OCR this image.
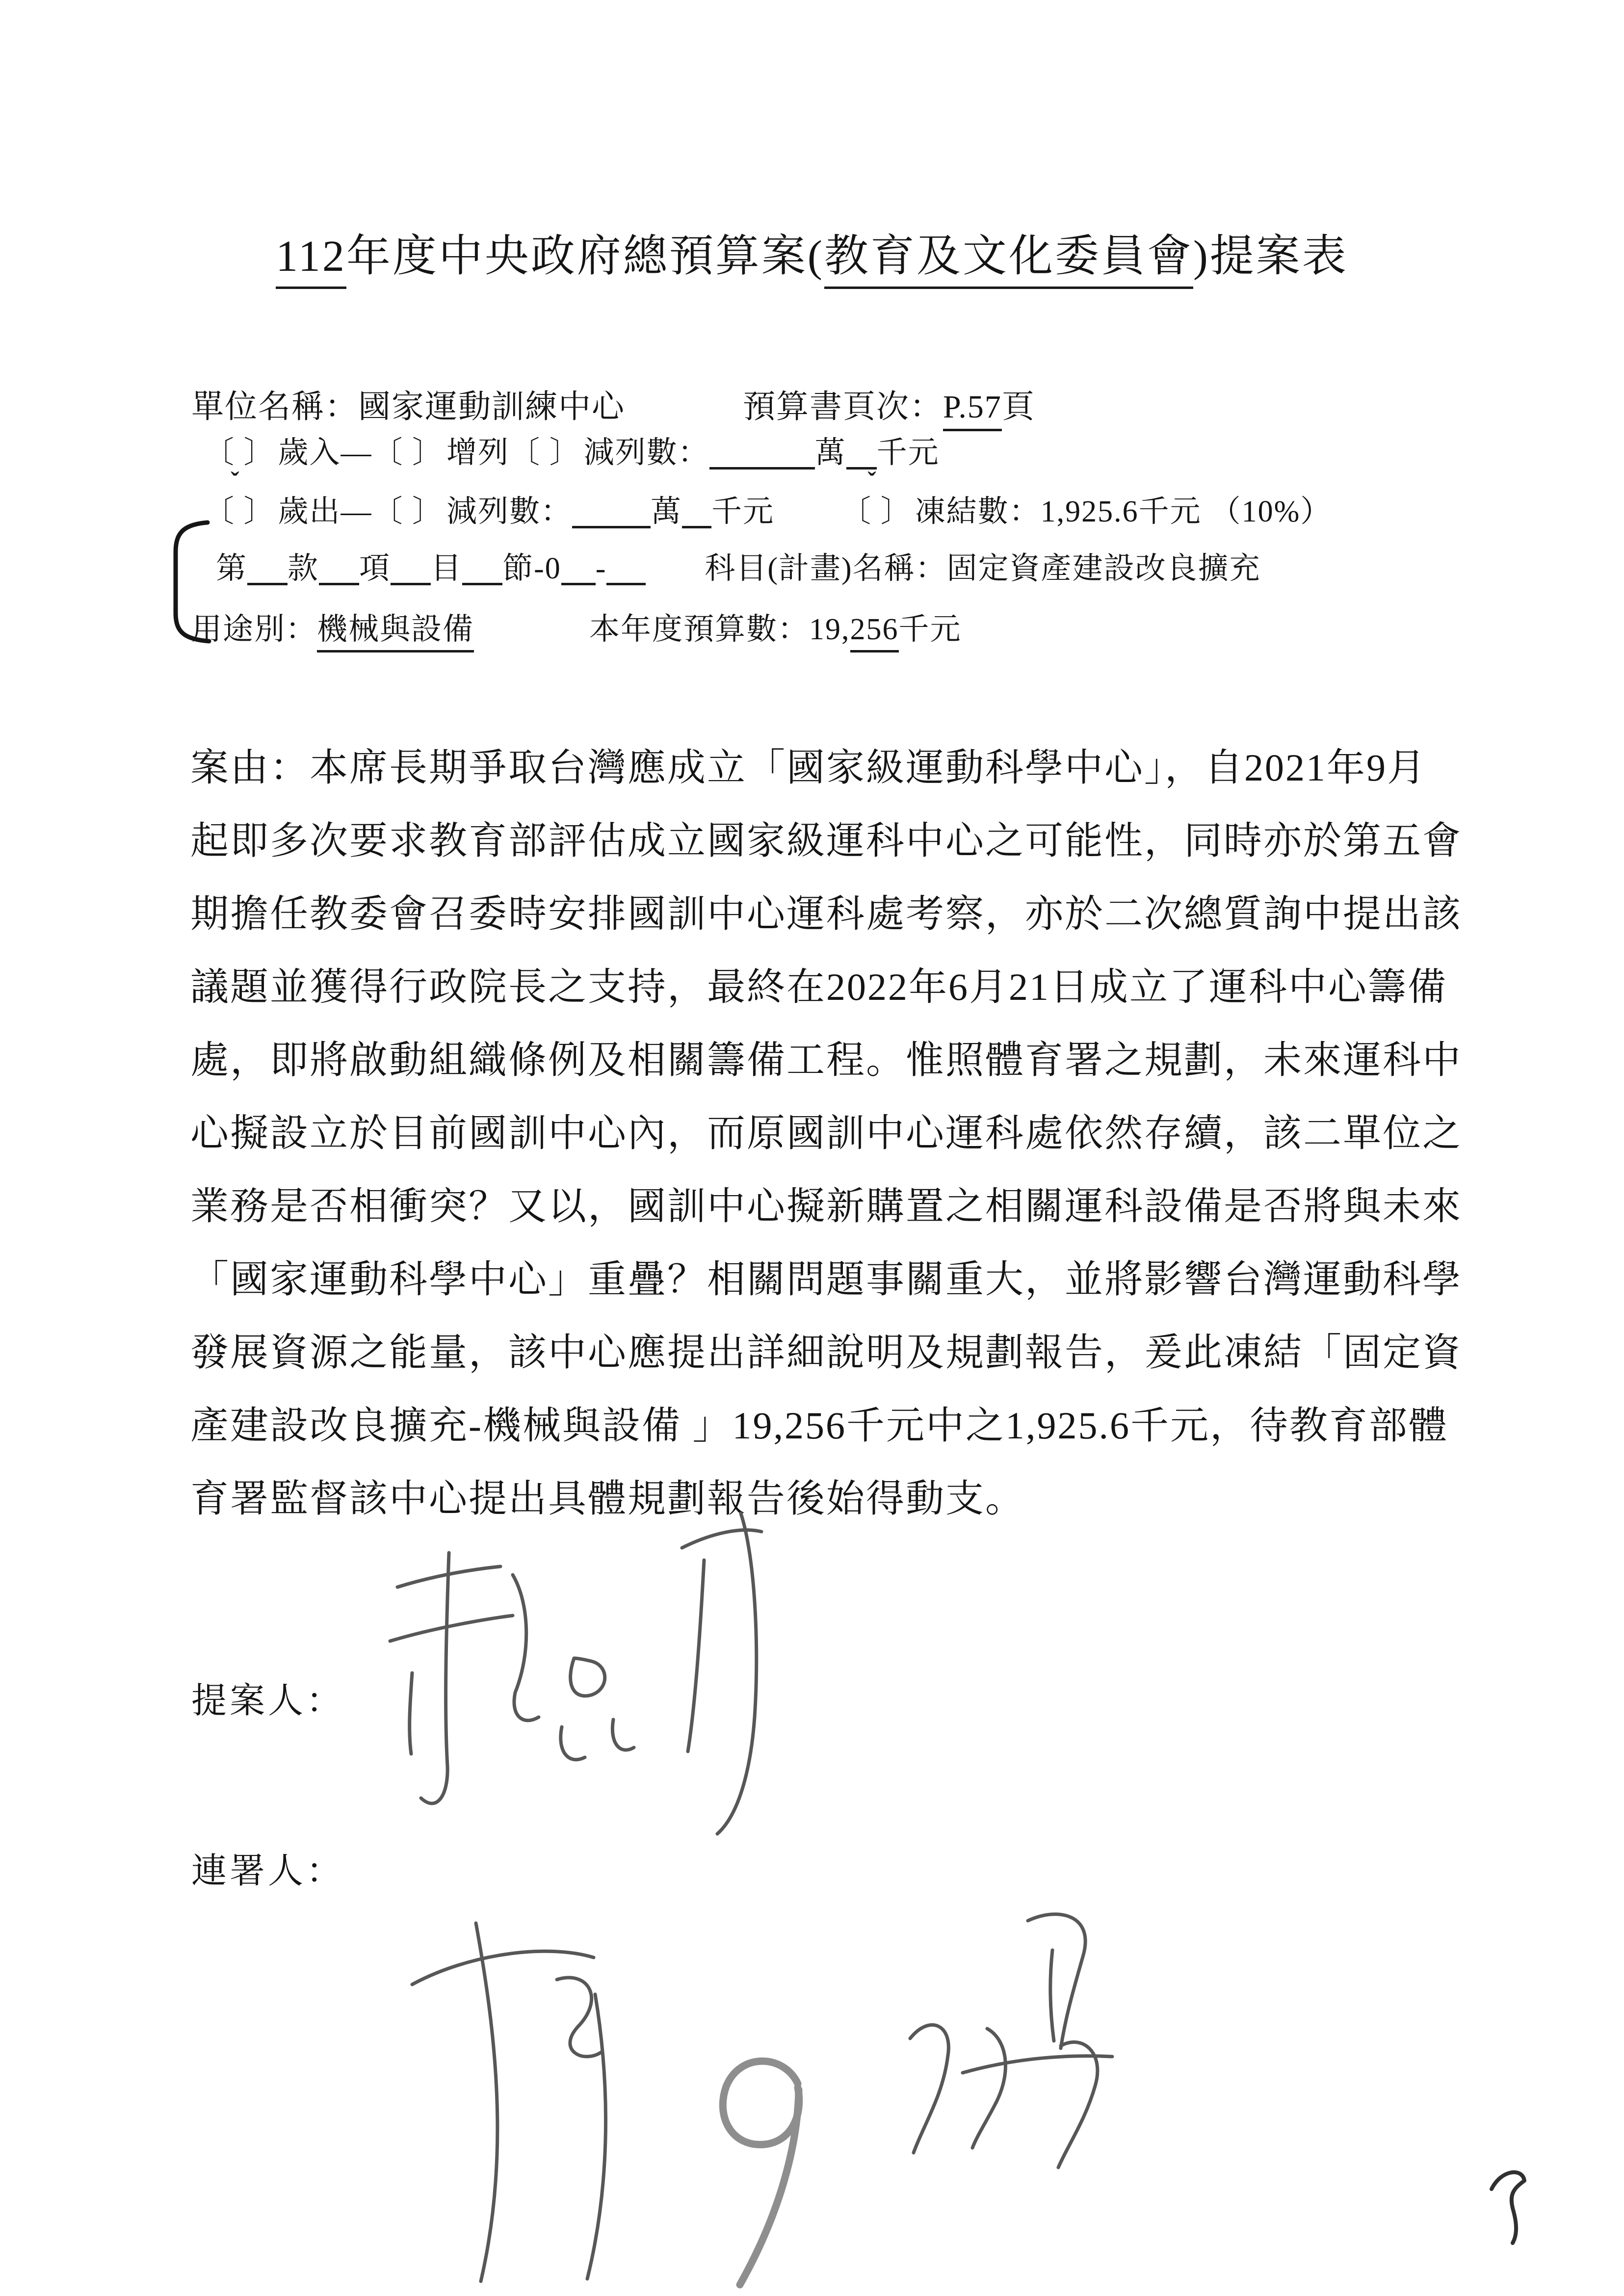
112年度中央政府總預算案(教育及文化委員會)提案表
單位名稱：國家運動訓練中心	預算書頁次：P.57頁
〔 〕歲入—〔 〕增列〔 〕減列數：	萬 千元
ˇ
〔 〕歲出—〔 〕減列數：	萬 千元
ˇ
〔 〕凍結數：1,925.6千元 （10%）
第 款 項 目 節-0 -	科目(計畫)名稱：固定資產建設改良擴充
用途別：機械與設備	本年度預算數：19,256千元
案由：本席長期爭取台灣應成立「國家級運動科學中心」，自2021年9月
起即多次要求教育部評估成立國家級運科中心之可能性，同時亦於第五會
期擔任教委會召委時安排國訓中心運科處考察，亦於二次總質詢中提出該
議題並獲得行政院長之支持，最終在2022年6月21日成立了運科中心籌備
處，即將啟動組織條例及相關籌備工程。惟照體育署之規劃，未來運科中
心擬設立於目前國訓中心內，而原國訓中心運科處依然存續，該二單位之
業務是否相衝突？又以，國訓中心擬新購置之相關運科設備是否將與未來
「國家運動科學中心」重疊？相關問題事關重大，並將影響台灣運動科學
發展資源之能量，該中心應提出詳細說明及規劃報告，爰此凍結「固定資
產建設改良擴充-機械與設備 」19,256千元中之1,925.6千元，待教育部體
育署監督該中心提出具體規劃報告後始得動支。
提案人：
連署人：
